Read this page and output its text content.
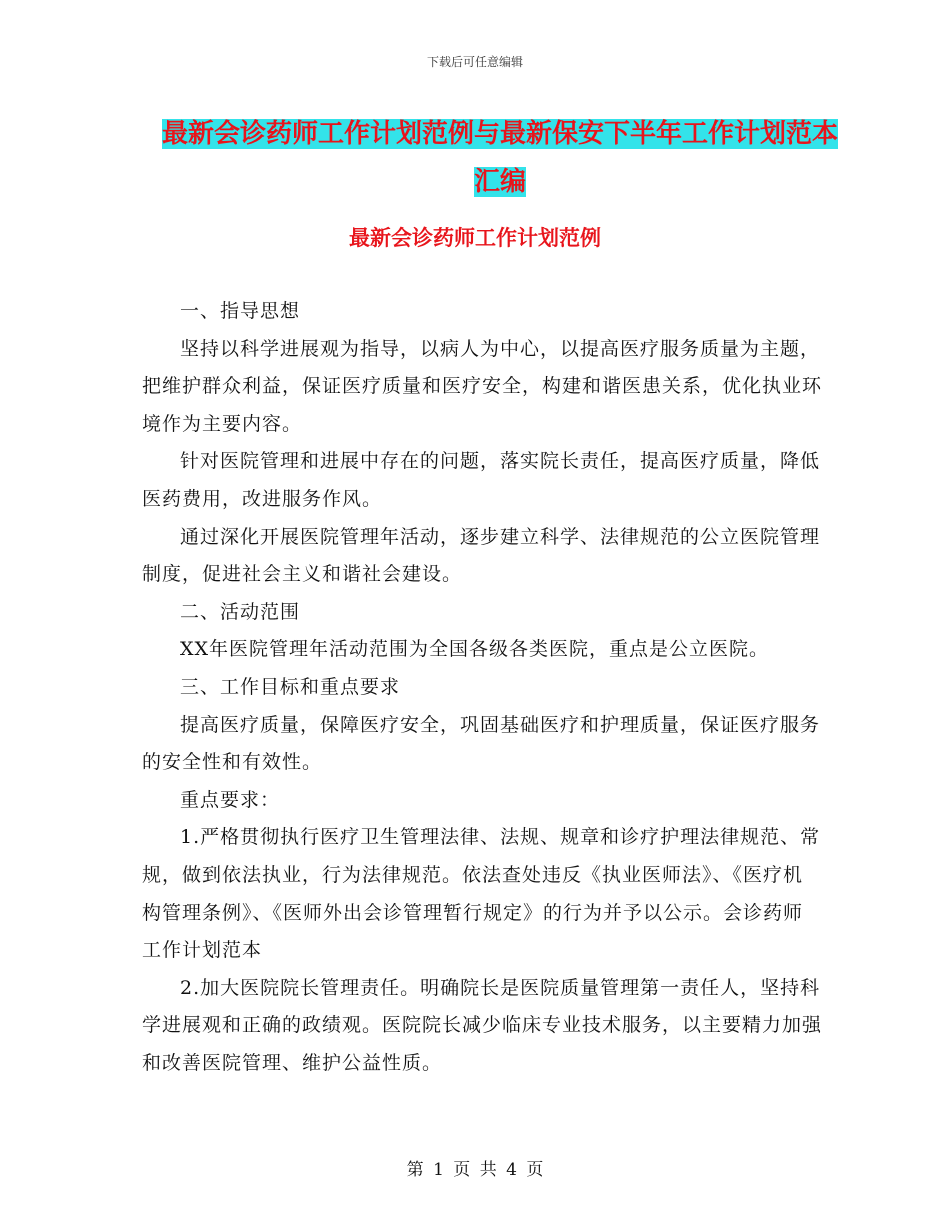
下载后可任意编辑
最新会诊药师工作计划范例与最新保安下半年工作计划范本汇编
最新会诊药师工作计划范例

一、指导思想

坚持以科学进展观为指导，以病人为中心，以提高医疗服务质量为主题，把维护群众利益，保证医疗质量和医疗安全，构建和谐医患关系，优化执业环境作为主要内容。

针对医院管理和进展中存在的问题，落实院长责任，提高医疗质量，降低医药费用，改进服务作风。

通过深化开展医院管理年活动，逐步建立科学、法律规范的公立医院管理制度，促进社会主义和谐社会建设。

二、活动范围

XX年医院管理年活动范围为全国各级各类医院，重点是公立医院。

三、工作目标和重点要求

提高医疗质量，保障医疗安全，巩固基础医疗和护理质量，保证医疗服务的安全性和有效性。

重点要求：

1.严格贯彻执行医疗卫生管理法律、法规、规章和诊疗护理法律规范、常规，做到依法执业，行为法律规范。依法查处违反《执业医师法》、《医疗机构管理条例》、《医师外出会诊管理暂行规定》的行为并予以公示。会诊药师工作计划范本

2.加大医院院长管理责任。明确院长是医院质量管理第一责任人，坚持科学进展观和正确的政绩观。医院院长减少临床专业技术服务，以主要精力加强和改善医院管理、维护公益性质。

第 1 页 共 4 页
